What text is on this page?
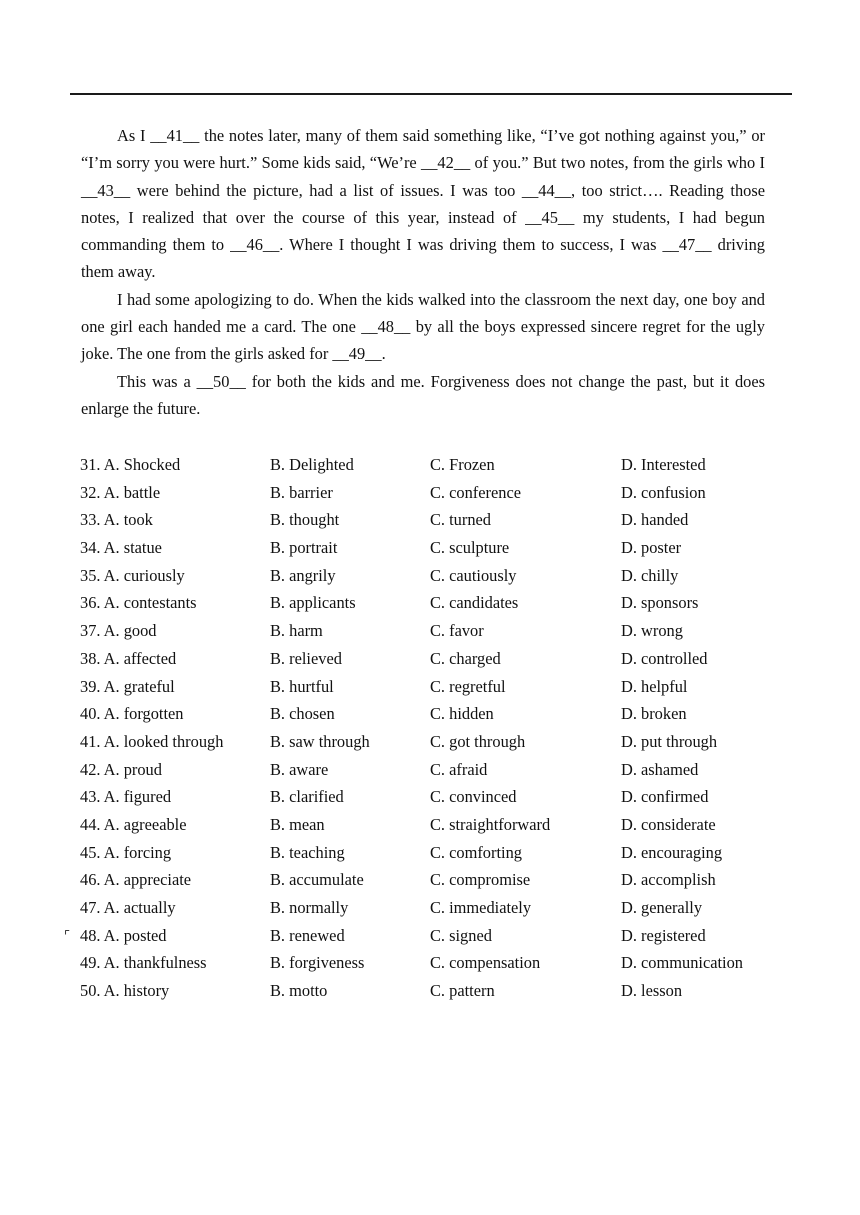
As I __41__ the notes later, many of them said something like, “I’ve got nothing against you,” or “I’m sorry you were hurt.” Some kids said, “We’re __42__ of you.” But two notes, from the girls who I __43__ were behind the picture, had a list of issues. I was too __44__, too strict…. Reading those notes, I realized that over the course of this year, instead of __45__ my students, I had begun commanding them to __46__. Where I thought I was driving them to success, I was __47__ driving them away.

I had some apologizing to do. When the kids walked into the classroom the next day, one boy and one girl each handed me a card. The one __48__ by all the boys expressed sincere regret for the ugly joke. The one from the girls asked for __49__.

This was a __50__ for both the kids and me. Forgiveness does not change the past, but it does enlarge the future.

31. A. Shocked	B. Delighted	C. Frozen	D. Interested
32. A. battle	B. barrier	C. conference	D. confusion
33. A. took	B. thought	C. turned	D. handed
34. A. statue	B. portrait	C. sculpture	D. poster
35. A. curiously	B. angrily	C. cautiously	D. chilly
36. A. contestants	B. applicants	C. candidates	D. sponsors
37. A. good	B. harm	C. favor	D. wrong
38. A. affected	B. relieved	C. charged	D. controlled
39. A. grateful	B. hurtful	C. regretful	D. helpful
40. A. forgotten	B. chosen	C. hidden	D. broken
41. A. looked through	B. saw through	C. got through	D. put through
42. A. proud	B. aware	C. afraid	D. ashamed
43. A. figured	B. clarified	C. convinced	D. confirmed
44. A. agreeable	B. mean	C. straightforward	D. considerate
45. A. forcing	B. teaching	C. comforting	D. encouraging
46. A. appreciate	B. accumulate	C. compromise	D. accomplish
47. A. actually	B. normally	C. immediately	D. generally
⌜ 48. A. posted	B. renewed	C. signed	D. registered
49. A. thankfulness	B. forgiveness	C. compensation	D. communication
50. A. history	B. motto	C. pattern	D. lesson
